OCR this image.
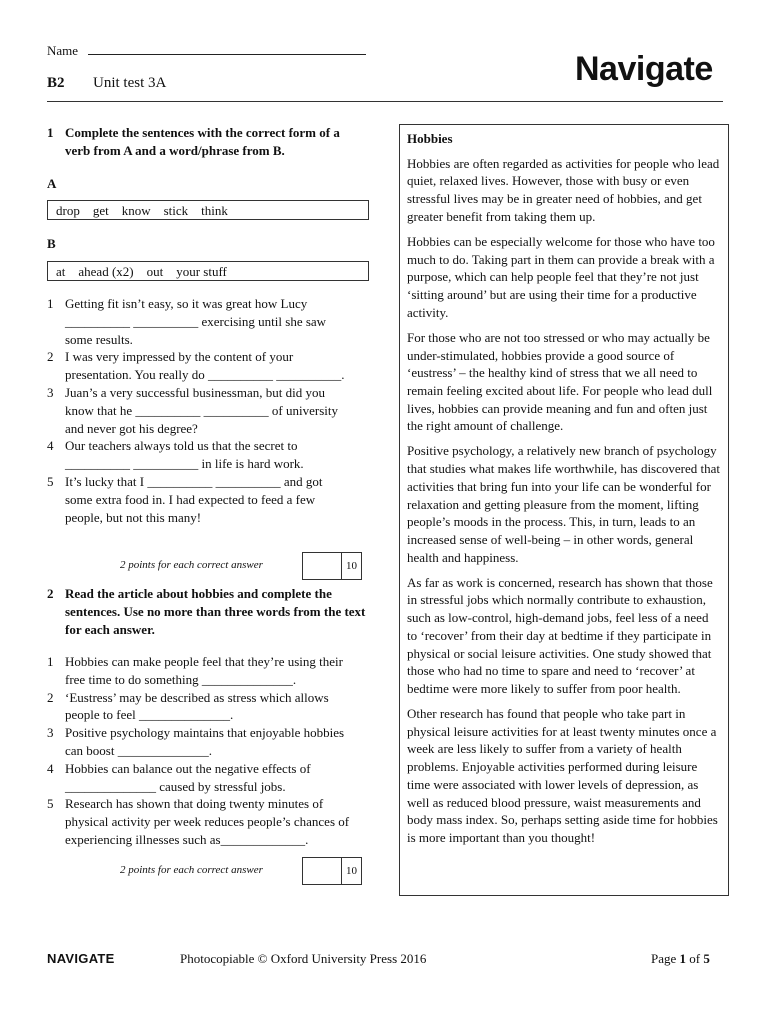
Name
B2 Unit test 3A	Navigate
1 Complete the sentences with the correct form of a verb from A and a word/phrase from B.
A
drop    get    know    stick    think
B
at    ahead (x2)    out    your stuff
1 Getting fit isn’t easy, so it was great how Lucy __________ __________ exercising until she saw some results.
2 I was very impressed by the content of your presentation. You really do __________ __________.
3 Juan’s a very successful businessman, but did you know that he __________ __________ of university and never got his degree?
4 Our teachers always told us that the secret to __________ __________ in life is hard work.
5 It’s lucky that I __________ __________ and got some extra food in. I had expected to feed a few people, but not this many!
2 points for each correct answer	10
2 Read the article about hobbies and complete the sentences. Use no more than three words from the text for each answer.
1 Hobbies can make people feel that they’re using their free time to do something ______________.
2 ‘Eustress’ may be described as stress which allows people to feel ______________.
3 Positive psychology maintains that enjoyable hobbies can boost ______________.
4 Hobbies can balance out the negative effects of ______________ caused by stressful jobs.
5 Research has shown that doing twenty minutes of physical activity per week reduces people’s chances of experiencing illnesses such as_____________.
2 points for each correct answer	10
Hobbies

Hobbies are often regarded as activities for people who lead quiet, relaxed lives. However, those with busy or even stressful lives may be in greater need of hobbies, and get greater benefit from taking them up.

Hobbies can be especially welcome for those who have too much to do. Taking part in them can provide a break with a purpose, which can help people feel that they’re not just ‘sitting around’ but are using their time for a productive activity.

For those who are not too stressed or who may actually be under-stimulated, hobbies provide a good source of ‘eustress’ – the healthy kind of stress that we all need to remain feeling excited about life. For people who lead dull lives, hobbies can provide meaning and fun and often just the right amount of challenge.

Positive psychology, a relatively new branch of psychology that studies what makes life worthwhile, has discovered that activities that bring fun into your life can be wonderful for relaxation and getting pleasure from the moment, lifting people’s moods in the process. This, in turn, leads to an increased sense of well-being – in other words, general health and happiness.

As far as work is concerned, research has shown that those in stressful jobs which normally contribute to exhaustion, such as low-control, high-demand jobs, feel less of a need to ‘recover’ from their day at bedtime if they participate in physical or social leisure activities. One study showed that those who had no time to spare and need to ‘recover’ at bedtime were more likely to suffer from poor health.

Other research has found that people who take part in physical leisure activities for at least twenty minutes once a week are less likely to suffer from a variety of health problems. Enjoyable activities performed during leisure time were associated with lower levels of depression, as well as reduced blood pressure, waist measurements and body mass index. So, perhaps setting aside time for hobbies is more important than you thought!

NAVIGATE	Photocopiable © Oxford University Press 2016	Page 1 of 5
